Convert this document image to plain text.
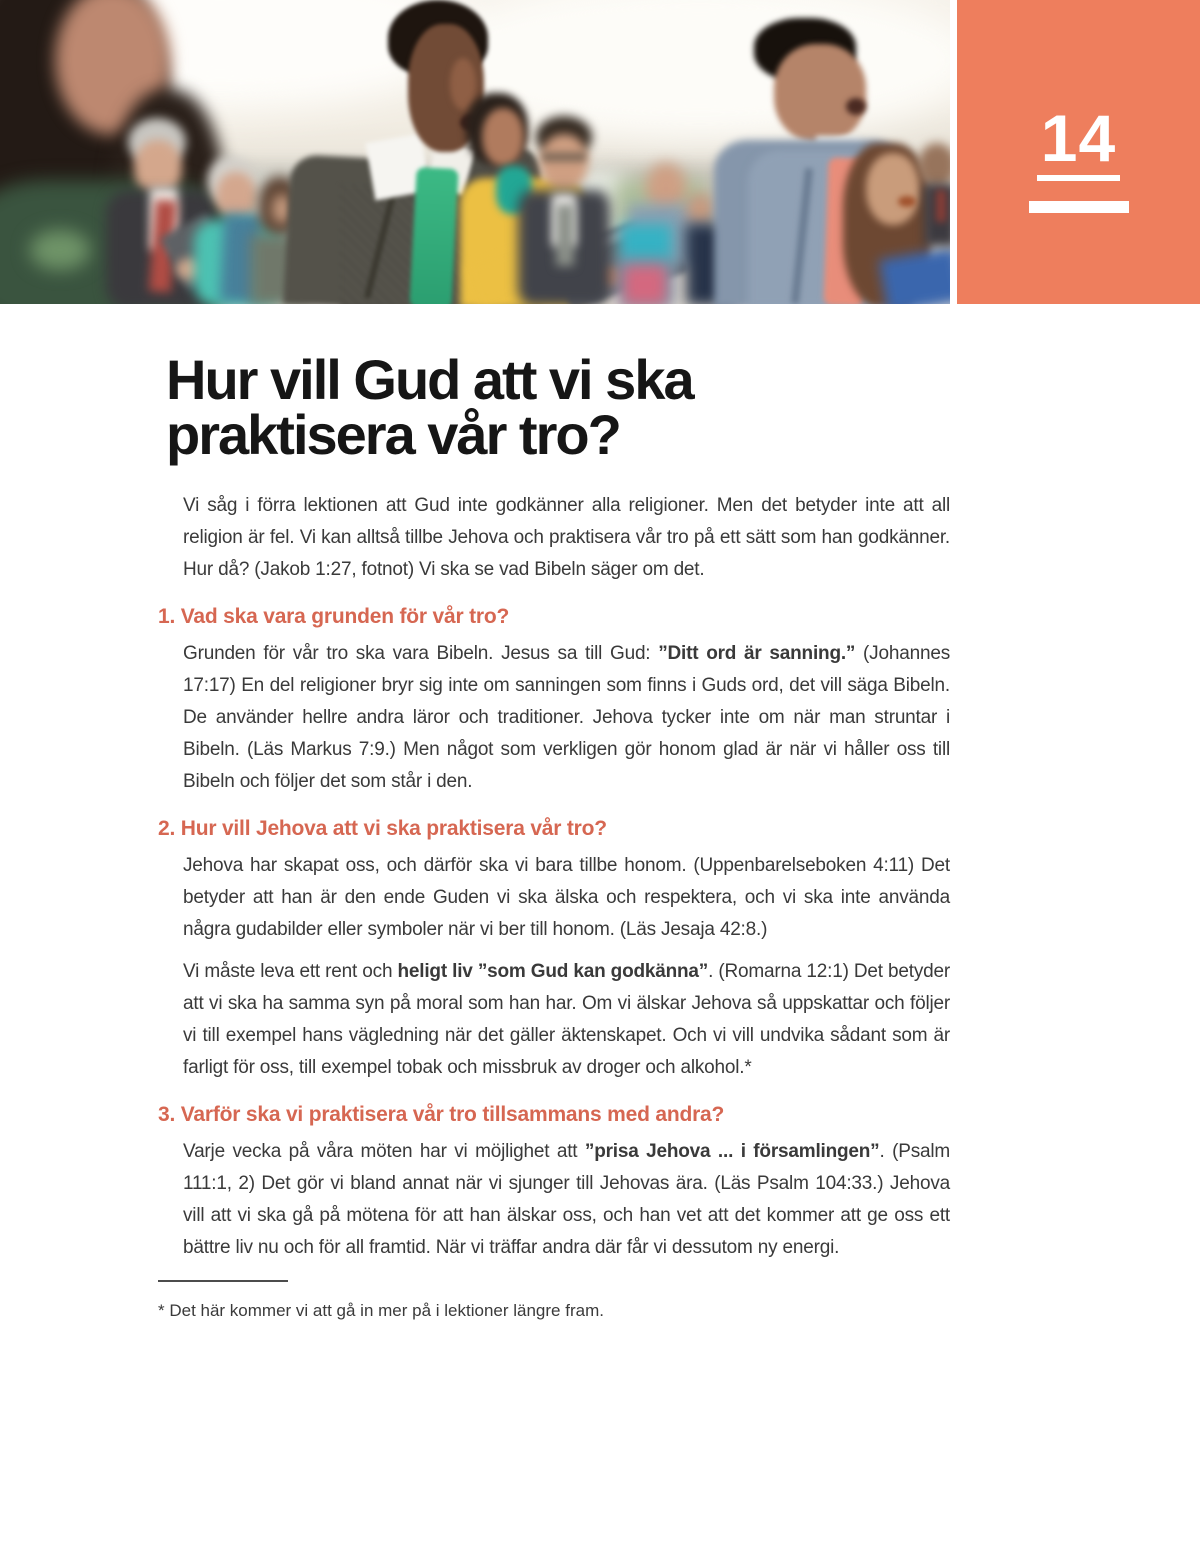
14
Hur vill Gud att vi ska praktisera vår tro?

Vi såg i förra lektionen att Gud inte godkänner alla religioner. Men det betyder inte att all religion är fel. Vi kan alltså tillbe Jehova och praktisera vår tro på ett sätt som han godkänner. Hur då? (Jakob 1:27, fotnot) Vi ska se vad Bibeln säger om det.

1. Vad ska vara grunden för vår tro?

Grunden för vår tro ska vara Bibeln. Jesus sa till Gud: ”Ditt ord är sanning.” (Johannes 17:17) En del religioner bryr sig inte om sanningen som finns i Guds ord, det vill säga Bibeln. De använder hellre andra läror och traditioner. Jehova tycker inte om när man struntar i Bibeln. (Läs Markus 7:9.) Men något som verkligen gör honom glad är när vi håller oss till Bibeln och följer det som står i den.

2. Hur vill Jehova att vi ska praktisera vår tro?

Jehova har skapat oss, och därför ska vi bara tillbe honom. (Uppenbarelseboken 4:11) Det betyder att han är den ende Guden vi ska älska och respektera, och vi ska inte använda några gudabilder eller symboler när vi ber till honom. (Läs Jesaja 42:8.)

Vi måste leva ett rent och heligt liv ”som Gud kan godkänna”. (Romarna 12:1) Det betyder att vi ska ha samma syn på moral som han har. Om vi älskar Jehova så uppskattar och följer vi till exempel hans vägledning när det gäller äktenskapet. Och vi vill undvika sådant som är farligt för oss, till exempel tobak och missbruk av droger och alkohol.*

3. Varför ska vi praktisera vår tro tillsammans med andra?

Varje vecka på våra möten har vi möjlighet att ”prisa Jehova ... i församlingen”. (Psalm 111:1, 2) Det gör vi bland annat när vi sjunger till Jehovas ära. (Läs Psalm 104:33.) Jehova vill att vi ska gå på mötena för att han älskar oss, och han vet att det kommer att ge oss ett bättre liv nu och för all framtid. När vi träffar andra där får vi dessutom ny energi.

* Det här kommer vi att gå in mer på i lektioner längre fram.
